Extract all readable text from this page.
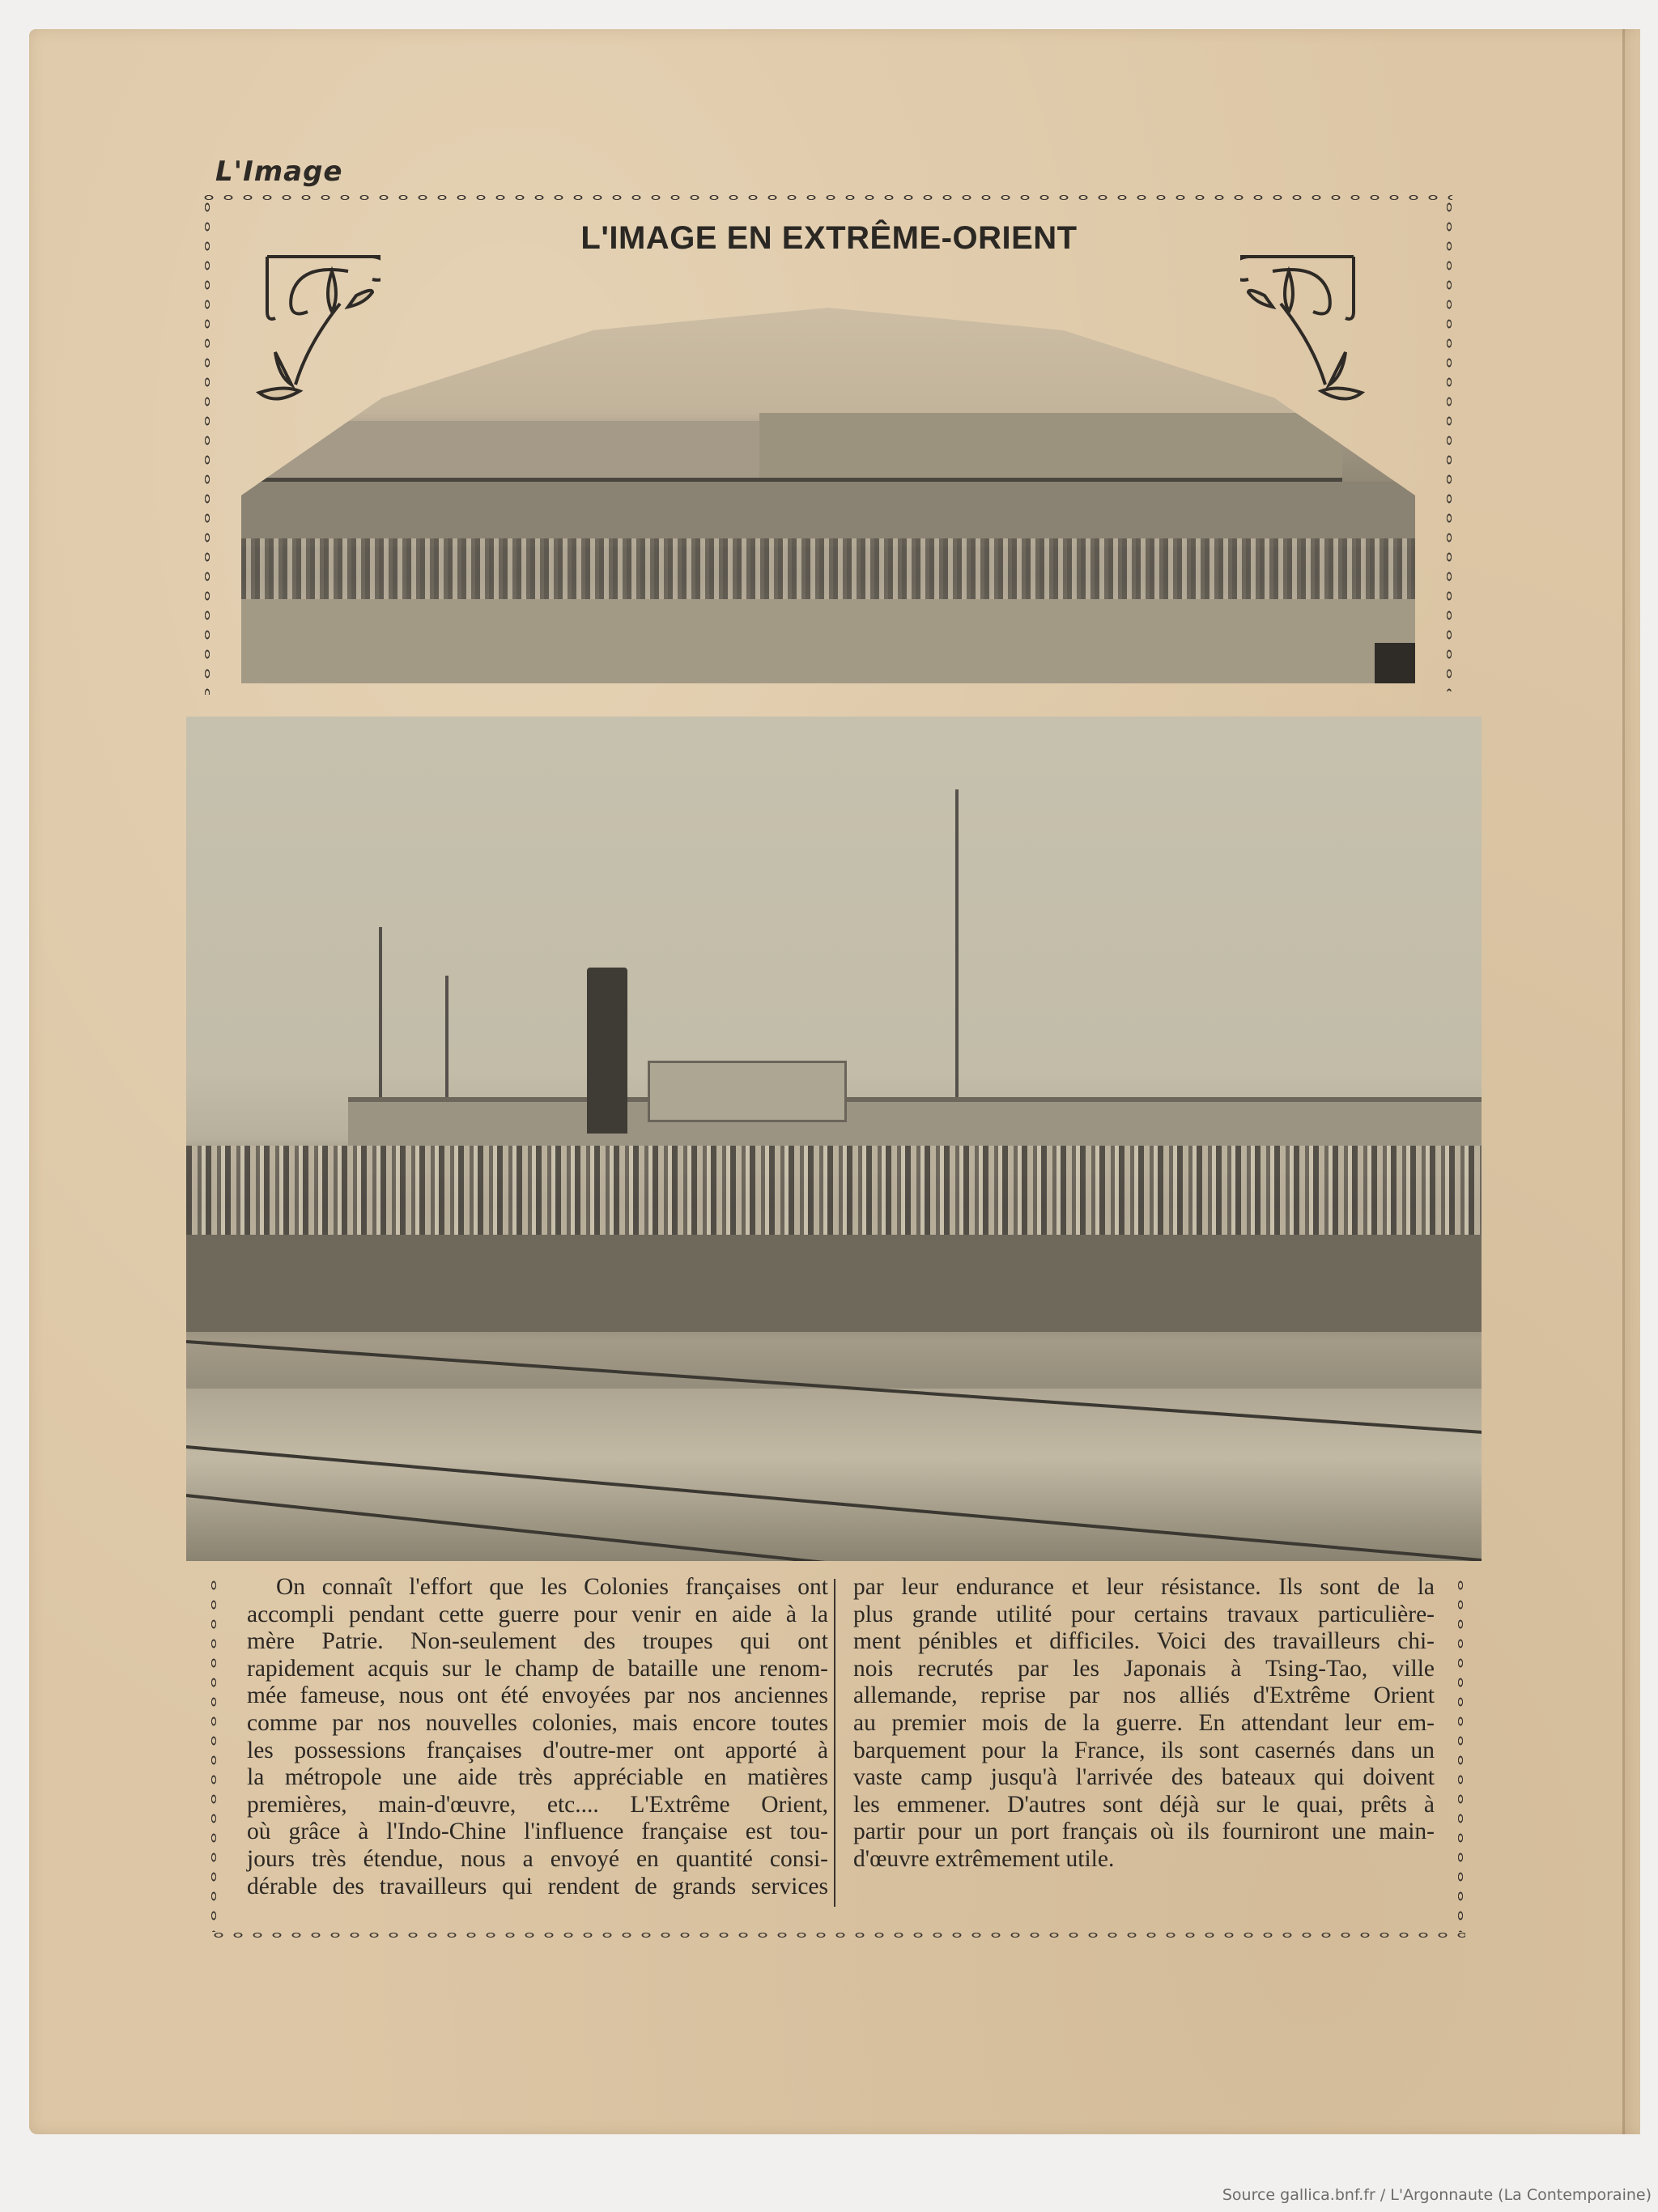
L'Image
L'IMAGE EN EXTRÊME-ORIENT
On connaît l'effort que les Colonies françaises ont
accompli pendant cette guerre pour venir en aide à la
mère Patrie. Non-seulement des troupes qui ont
rapidement acquis sur le champ de bataille une renom-
mée fameuse, nous ont été envoyées par nos anciennes
comme par nos nouvelles colonies, mais encore toutes
les possessions françaises d'outre-mer ont apporté à
la métropole une aide très appréciable en matières
premières, main-d'œuvre, etc.... L'Extrême Orient,
où grâce à l'Indo-Chine l'influence française est tou-
jours très étendue, nous a envoyé en quantité consi-
dérable des travailleurs qui rendent de grands services
par leur endurance et leur résistance. Ils sont de la
plus grande utilité pour certains travaux particulière-
ment pénibles et difficiles. Voici des travailleurs chi-
nois recrutés par les Japonais à Tsing-Tao, ville
allemande, reprise par nos alliés d'Extrême Orient
au premier mois de la guerre. En attendant leur em-
barquement pour la France, ils sont casernés dans un
vaste camp jusqu'à l'arrivée des bateaux qui doivent
les emmener. D'autres sont déjà sur le quai, prêts à
partir pour un port français où ils fourniront une main-
d'œuvre extrêmement utile.
Source gallica.bnf.fr / L'Argonnaute (La Contemporaine)
